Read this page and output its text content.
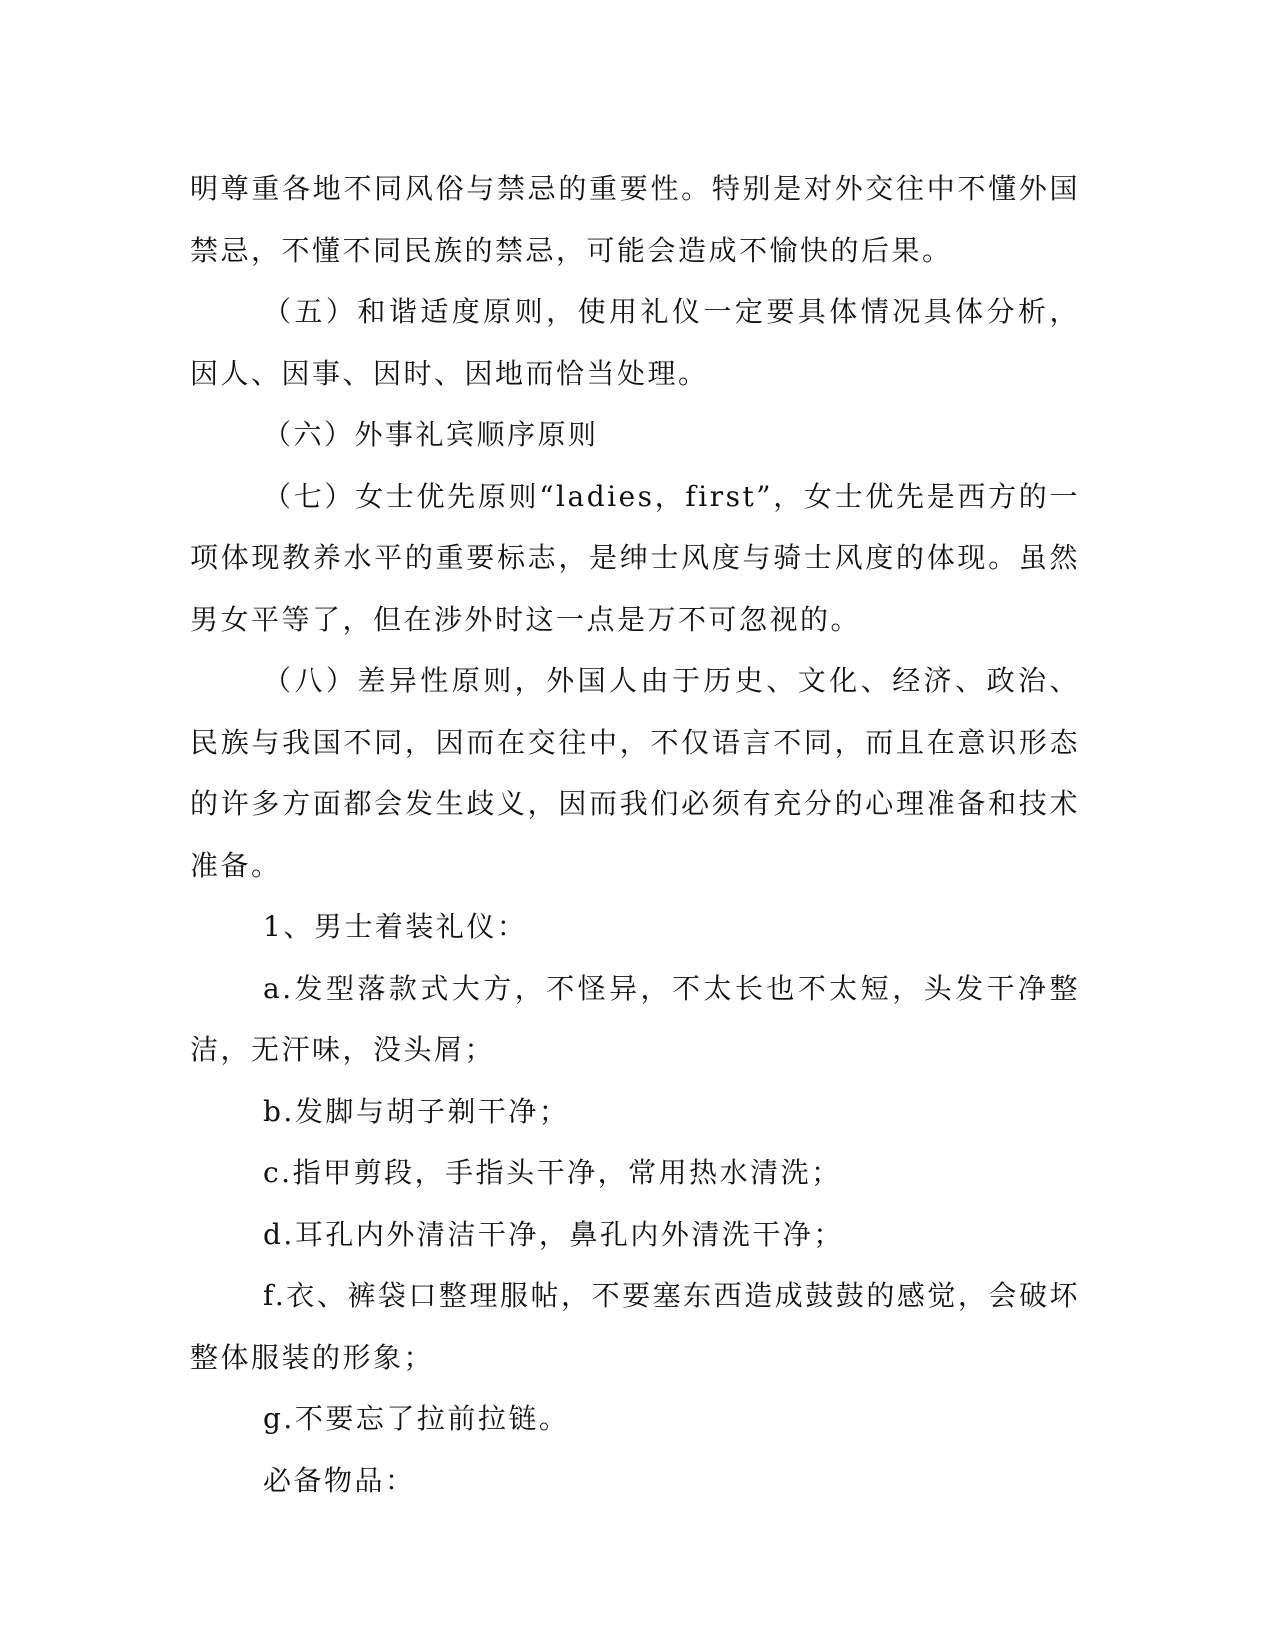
明尊重各地不同风俗与禁忌的重要性。特别是对外交往中不懂外国禁忌，不懂不同民族的禁忌，可能会造成不愉快的后果。

（五）和谐适度原则，使用礼仪一定要具体情况具体分析，因人、因事、因时、因地而恰当处理。

（六）外事礼宾顺序原则

（七）女士优先原则“ladies，first”，女士优先是西方的一项体现教养水平的重要标志，是绅士风度与骑士风度的体现。虽然男女平等了，但在涉外时这一点是万不可忽视的。

（八）差异性原则，外国人由于历史、文化、经济、政治、民族与我国不同，因而在交往中，不仅语言不同，而且在意识形态的许多方面都会发生歧义，因而我们必须有充分的心理准备和技术准备。

1、男士着装礼仪：

a.发型落款式大方，不怪异，不太长也不太短，头发干净整洁，无汗味，没头屑；

b.发脚与胡子剃干净；

c.指甲剪段，手指头干净，常用热水清洗；

d.耳孔内外清洁干净，鼻孔内外清洗干净；

f.衣、裤袋口整理服帖，不要塞东西造成鼓鼓的感觉，会破坏整体服装的形象；

g.不要忘了拉前拉链。

必备物品：
